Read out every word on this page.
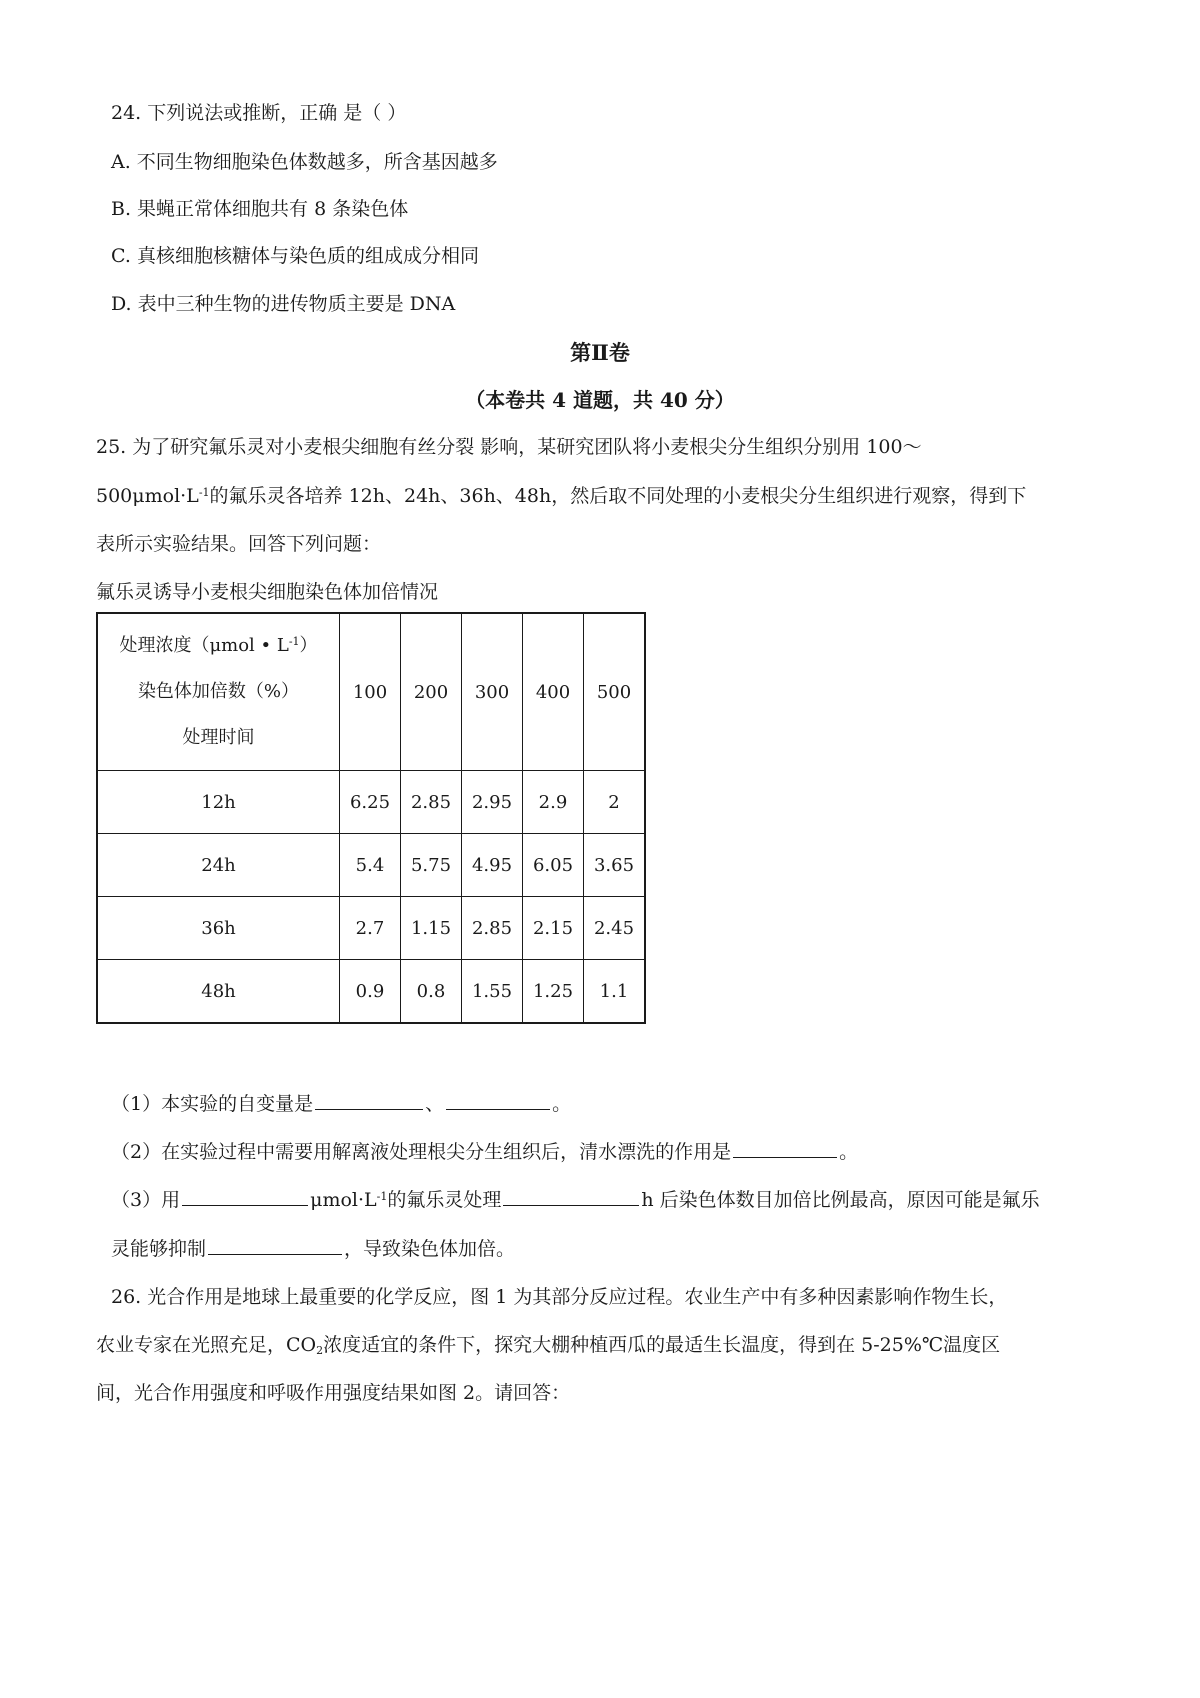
24. 下列说法或推断，正确 是（ ）
A. 不同生物细胞染色体数越多，所含基因越多
B. 果蝇正常体细胞共有 8 条染色体
C. 真核细胞核糖体与染色质的组成成分相同
D. 表中三种生物的进传物质主要是 DNA
第Ⅱ卷
（本卷共 4 道题，共 40 分）
25. 为了研究氟乐灵对小麦根尖细胞有丝分裂 影响，某研究团队将小麦根尖分生组织分别用 100～
$500\mu mol\cdot L^{-1}$的氟乐灵各培养 12h、24h、36h、48h，然后取不同处理的小麦根尖分生组织进行观察，得到下
表所示实验结果。回答下列问题：
氟乐灵诱导小麦根尖细胞染色体加倍情况
处理浓度（μmol • $L^{-1}$）
染色体加倍数（%）
处理时间	100	200	300	400	500
12h	6.25	2.85	2.95	2.9	2
24h	5.4	5.75	4.95	6.05	3.65
36h	2.7	1.15	2.85	2.15	2.45
48h	0.9	0.8	1.55	1.25	1.1
（1）本实验的自变量是	、	。
（2）在实验过程中需要用解离液处理根尖分生组织后，清水漂洗的作用是	。
（3）用	$\mu mol\cdot L^{-1}$的氟乐灵处理	h 后染色体数目加倍比例最高，原因可能是氟乐
灵能够抑制	，导致染色体加倍。
26. 光合作用是地球上最重要的化学反应，图 1 为其部分反应过程。农业生产中有多种因素影响作物生长，
农业专家在光照充足，$CO_2$浓度适宜的条件下，探究大棚种植西瓜的最适生长温度，得到在 5-25%℃温度区
间，光合作用强度和呼吸作用强度结果如图 2。请回答：
